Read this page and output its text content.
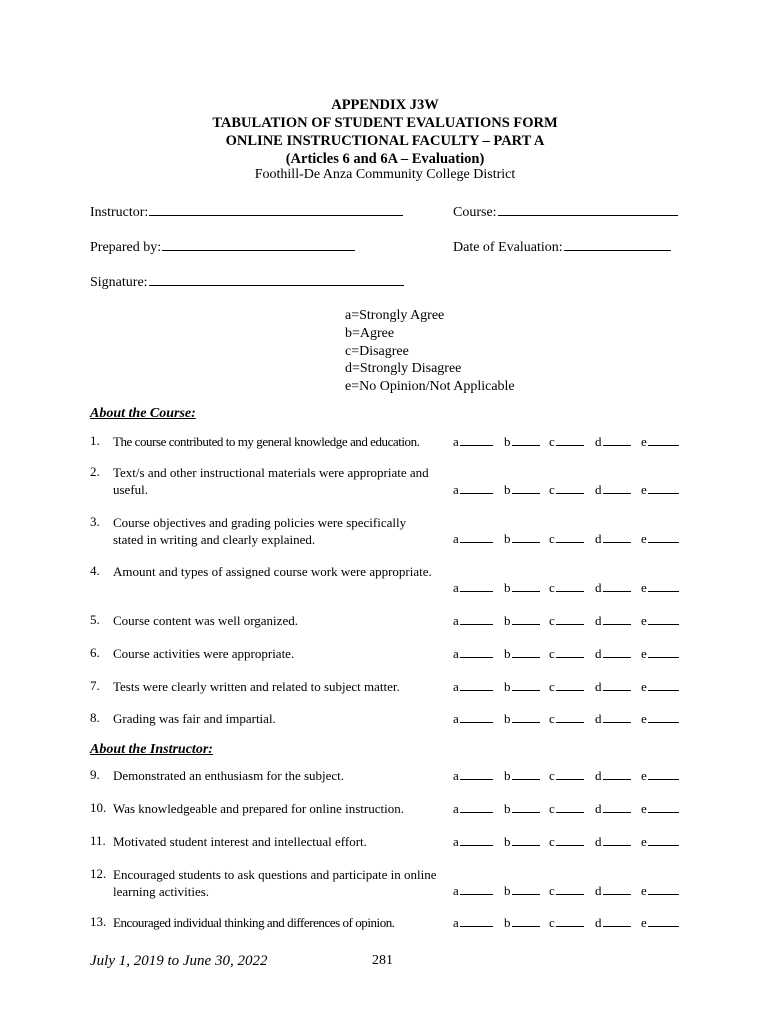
APPENDIX J3W
TABULATION OF STUDENT EVALUATIONS FORM
ONLINE INSTRUCTIONAL FACULTY – PART A
(Articles 6 and 6A – Evaluation)
Foothill-De Anza Community College District
Instructor:	Course:
Prepared by:	Date of Evaluation:
Signature:
a=Strongly Agree
b=Agree
c=Disagree
d=Strongly Disagree
e=No Opinion/Not Applicable
About the Course:
1. The course contributed to my general knowledge and education.	a	b	c	d	e
2. Text/s and other instructional materials were appropriate and useful.	a	b	c	d	e
3. Course objectives and grading policies were specifically stated in writing and clearly explained.	a	b	c	d	e
4. Amount and types of assigned course work were appropriate.
a	b	c	d	e
5. Course content was well organized.	a	b	c	d	e
6. Course activities were appropriate.	a	b	c	d	e
7. Tests were clearly written and related to subject matter.	a	b	c	d	e
8. Grading was fair and impartial.	a	b	c	d	e
About the Instructor:
9. Demonstrated an enthusiasm for the subject.	a	b	c	d	e
10. Was knowledgeable and prepared for online instruction.	a	b	c	d	e
11. Motivated student interest and intellectual effort.	a	b	c	d	e
12. Encouraged students to ask questions and participate in online learning activities.	a	b	c	d	e
13. Encouraged individual thinking and differences of opinion.	a	b	c	d	e
July 1, 2019 to June 30, 2022	281
